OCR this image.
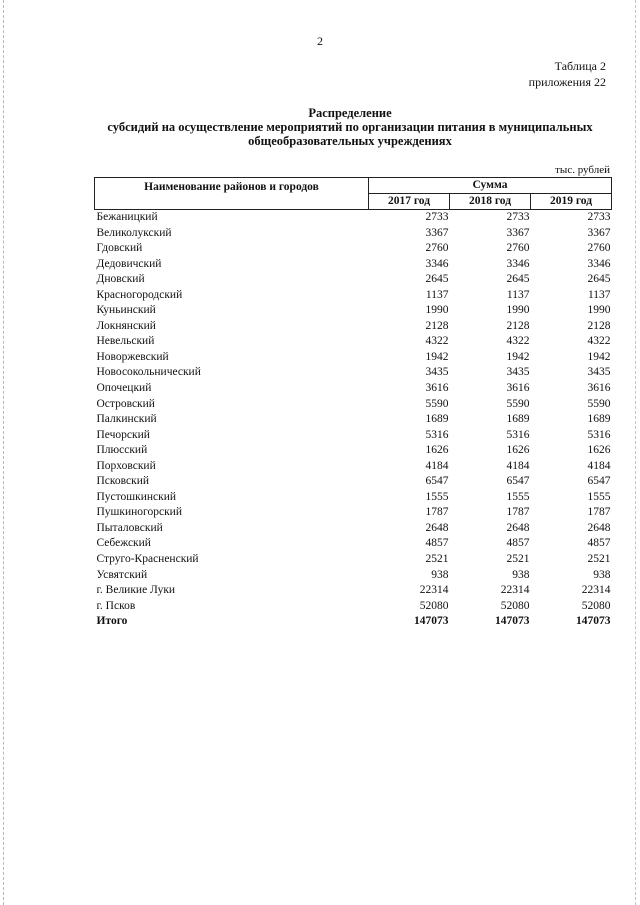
2
Таблица 2
приложения 22
Распределение
субсидий на осуществление мероприятий по организации питания в муниципальных
общеобразовательных учреждениях
тыс. рублей
Наименование районов и городов	Сумма		
	2017 год	2018 год	2019 год
Бежаницкий	2733	2733	2733
Великолукский	3367	3367	3367
Гдовский	2760	2760	2760
Дедовичский	3346	3346	3346
Дновский	2645	2645	2645
Красногородский	1137	1137	1137
Куньинский	1990	1990	1990
Локнянский	2128	2128	2128
Невельский	4322	4322	4322
Новоржевский	1942	1942	1942
Новосокольнический	3435	3435	3435
Опочецкий	3616	3616	3616
Островский	5590	5590	5590
Палкинский	1689	1689	1689
Печорский	5316	5316	5316
Плюсский	1626	1626	1626
Порховский	4184	4184	4184
Псковский	6547	6547	6547
Пустошкинский	1555	1555	1555
Пушкиногорский	1787	1787	1787
Пыталовский	2648	2648	2648
Себежский	4857	4857	4857
Струго-Красненский	2521	2521	2521
Усвятский	938	938	938
г. Великие Луки	22314	22314	22314
г. Псков	52080	52080	52080
Итого	147073	147073	147073
